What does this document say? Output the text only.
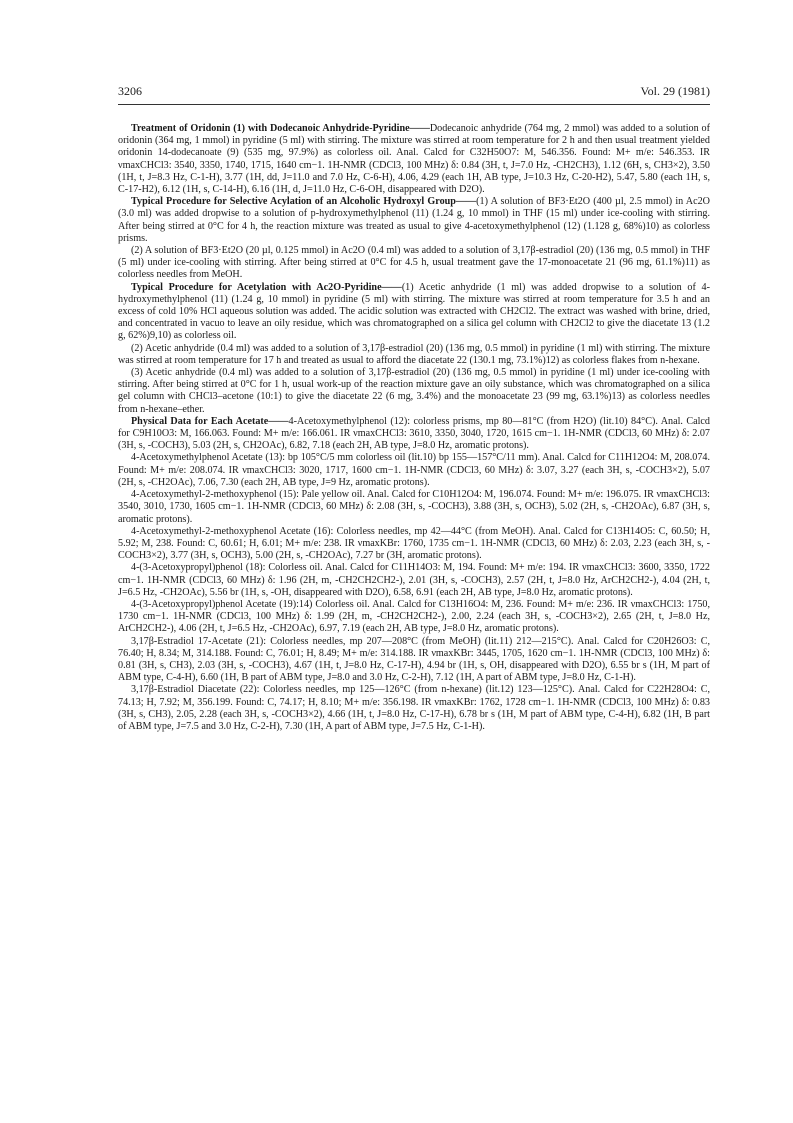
3206	Vol. 29 (1981)

Treatment of Oridonin (1) with Dodecanoic Anhydride-Pyridine——Dodecanoic anhydride (764 mg, 2 mmol) was added to a solution of oridonin (364 mg, 1 mmol) in pyridine (5 ml) with stirring. The mixture was stirred at room temperature for 2 h and then usual treatment yielded oridonin 14-dodecanoate (9) (535 mg, 97.9%) as colorless oil. Anal. Calcd for C32H50O7: M, 546.356. Found: M+ m/e: 546.353. IR νmaxCHCl3: 3540, 3350, 1740, 1715, 1640 cm−1. 1H-NMR (CDCl3, 100 MHz) δ: 0.84 (3H, t, J=7.0 Hz, -CH2CH3), 1.12 (6H, s, CH3×2), 3.50 (1H, t, J=8.3 Hz, C-1-H), 3.77 (1H, dd, J=11.0 and 7.0 Hz, C-6-H), 4.06, 4.29 (each 1H, AB type, J=10.3 Hz, C-20-H2), 5.47, 5.80 (each 1H, s, C-17-H2), 6.12 (1H, s, C-14-H), 6.16 (1H, d, J=11.0 Hz, C-6-OH, disappeared with D2O).

Typical Procedure for Selective Acylation of an Alcoholic Hydroxyl Group——(1) A solution of BF3·Et2O (400 µl, 2.5 mmol) in Ac2O (3.0 ml) was added dropwise to a solution of p-hydroxymethylphenol (11) (1.24 g, 10 mmol) in THF (15 ml) under ice-cooling with stirring. After being stirred at 0°C for 4 h, the reaction mixture was treated as usual to give 4-acetoxymethylphenol (12) (1.128 g, 68%)10) as colorless prisms.

(2) A solution of BF3·Et2O (20 µl, 0.125 mmol) in Ac2O (0.4 ml) was added to a solution of 3,17β-estradiol (20) (136 mg, 0.5 mmol) in THF (5 ml) under ice-cooling with stirring. After being stirred at 0°C for 4.5 h, usual treatment gave the 17-monoacetate 21 (96 mg, 61.1%)11) as colorless needles from MeOH.

Typical Procedure for Acetylation with Ac2O-Pyridine——(1) Acetic anhydride (1 ml) was added dropwise to a solution of 4-hydroxymethylphenol (11) (1.24 g, 10 mmol) in pyridine (5 ml) with stirring. The mixture was stirred at room temperature for 3.5 h and an excess of cold 10% HCl aqueous solution was added. The acidic solution was extracted with CH2Cl2. The extract was washed with brine, dried, and concentrated in vacuo to leave an oily residue, which was chromatographed on a silica gel column with CH2Cl2 to give the diacetate 13 (1.2 g, 62%)9,10) as colorless oil.

(2) Acetic anhydride (0.4 ml) was added to a solution of 3,17β-estradiol (20) (136 mg, 0.5 mmol) in pyridine (1 ml) with stirring. The mixture was stirred at room temperature for 17 h and treated as usual to afford the diacetate 22 (130.1 mg, 73.1%)12) as colorless flakes from n-hexane.

(3) Acetic anhydride (0.4 ml) was added to a solution of 3,17β-estradiol (20) (136 mg, 0.5 mmol) in pyridine (1 ml) under ice-cooling with stirring. After being stirred at 0°C for 1 h, usual work-up of the reaction mixture gave an oily substance, which was chromatographed on a silica gel column with CHCl3–acetone (10:1) to give the diacetate 22 (6 mg, 3.4%) and the monoacetate 23 (99 mg, 63.1%)13) as colorless needles from n-hexane–ether.

Physical Data for Each Acetate——4-Acetoxymethylphenol (12): colorless prisms, mp 80—81°C (from H2O) (lit.10) 84°C). Anal. Calcd for C9H10O3: M, 166.063. Found: M+ m/e: 166.061. IR νmaxCHCl3: 3610, 3350, 3040, 1720, 1615 cm−1. 1H-NMR (CDCl3, 60 MHz) δ: 2.07 (3H, s, -COCH3), 5.03 (2H, s, CH2OAc), 6.82, 7.18 (each 2H, AB type, J=8.0 Hz, aromatic protons).

4-Acetoxymethylphenol Acetate (13): bp 105°C/5 mm colorless oil (lit.10) bp 155—157°C/11 mm). Anal. Calcd for C11H12O4: M, 208.074. Found: M+ m/e: 208.074. IR νmaxCHCl3: 3020, 1717, 1600 cm−1. 1H-NMR (CDCl3, 60 MHz) δ: 3.07, 3.27 (each 3H, s, -COCH3×2), 5.07 (2H, s, -CH2OAc), 7.06, 7.30 (each 2H, AB type, J=9 Hz, aromatic protons).

4-Acetoxymethyl-2-methoxyphenol (15): Pale yellow oil. Anal. Calcd for C10H12O4: M, 196.074. Found: M+ m/e: 196.075. IR νmaxCHCl3: 3540, 3010, 1730, 1605 cm−1. 1H-NMR (CDCl3, 60 MHz) δ: 2.08 (3H, s, -COCH3), 3.88 (3H, s, OCH3), 5.02 (2H, s, -CH2OAc), 6.87 (3H, s, aromatic protons).

4-Acetoxymethyl-2-methoxyphenol Acetate (16): Colorless needles, mp 42—44°C (from MeOH). Anal. Calcd for C13H14O5: C, 60.50; H, 5.92; M, 238. Found: C, 60.61; H, 6.01; M+ m/e: 238. IR νmaxKBr: 1760, 1735 cm−1. 1H-NMR (CDCl3, 60 MHz) δ: 2.03, 2.23 (each 3H, s, -COCH3×2), 3.77 (3H, s, OCH3), 5.00 (2H, s, -CH2OAc), 7.27 br (3H, aromatic protons).

4-(3-Acetoxypropyl)phenol (18): Colorless oil. Anal. Calcd for C11H14O3: M, 194. Found: M+ m/e: 194. IR νmaxCHCl3: 3600, 3350, 1722 cm−1. 1H-NMR (CDCl3, 60 MHz) δ: 1.96 (2H, m, -CH2CH2CH2-), 2.01 (3H, s, -COCH3), 2.57 (2H, t, J=8.0 Hz, ArCH2CH2-), 4.04 (2H, t, J=6.5 Hz, -CH2OAc), 5.56 br (1H, s, -OH, disappeared with D2O), 6.58, 6.91 (each 2H, AB type, J=8.0 Hz, aromatic protons).

4-(3-Acetoxypropyl)phenol Acetate (19):14) Colorless oil. Anal. Calcd for C13H16O4: M, 236. Found: M+ m/e: 236. IR νmaxCHCl3: 1750, 1730 cm−1. 1H-NMR (CDCl3, 100 MHz) δ: 1.99 (2H, m, -CH2CH2CH2-), 2.00, 2.24 (each 3H, s, -COCH3×2), 2.65 (2H, t, J=8.0 Hz, ArCH2CH2-), 4.06 (2H, t, J=6.5 Hz, -CH2OAc), 6.97, 7.19 (each 2H, AB type, J=8.0 Hz, aromatic protons).

3,17β-Estradiol 17-Acetate (21): Colorless needles, mp 207—208°C (from MeOH) (lit.11) 212—215°C). Anal. Calcd for C20H26O3: C, 76.40; H, 8.34; M, 314.188. Found: C, 76.01; H, 8.49; M+ m/e: 314.188. IR νmaxKBr: 3445, 1705, 1620 cm−1. 1H-NMR (CDCl3, 100 MHz) δ: 0.81 (3H, s, CH3), 2.03 (3H, s, -COCH3), 4.67 (1H, t, J=8.0 Hz, C-17-H), 4.94 br (1H, s, OH, disappeared with D2O), 6.55 br s (1H, M part of ABM type, C-4-H), 6.60 (1H, B part of ABM type, J=8.0 and 3.0 Hz, C-2-H), 7.12 (1H, A part of ABM type, J=8.0 Hz, C-1-H).

3,17β-Estradiol Diacetate (22): Colorless needles, mp 125—126°C (from n-hexane) (lit.12) 123—125°C). Anal. Calcd for C22H28O4: C, 74.13; H, 7.92; M, 356.199. Found: C, 74.17; H, 8.10; M+ m/e: 356.198. IR νmaxKBr: 1762, 1728 cm−1. 1H-NMR (CDCl3, 100 MHz) δ: 0.83 (3H, s, CH3), 2.05, 2.28 (each 3H, s, -COCH3×2), 4.66 (1H, t, J=8.0 Hz, C-17-H), 6.78 br s (1H, M part of ABM type, C-4-H), 6.82 (1H, B part of ABM type, J=7.5 and 3.0 Hz, C-2-H), 7.30 (1H, A part of ABM type, J=7.5 Hz, C-1-H).
